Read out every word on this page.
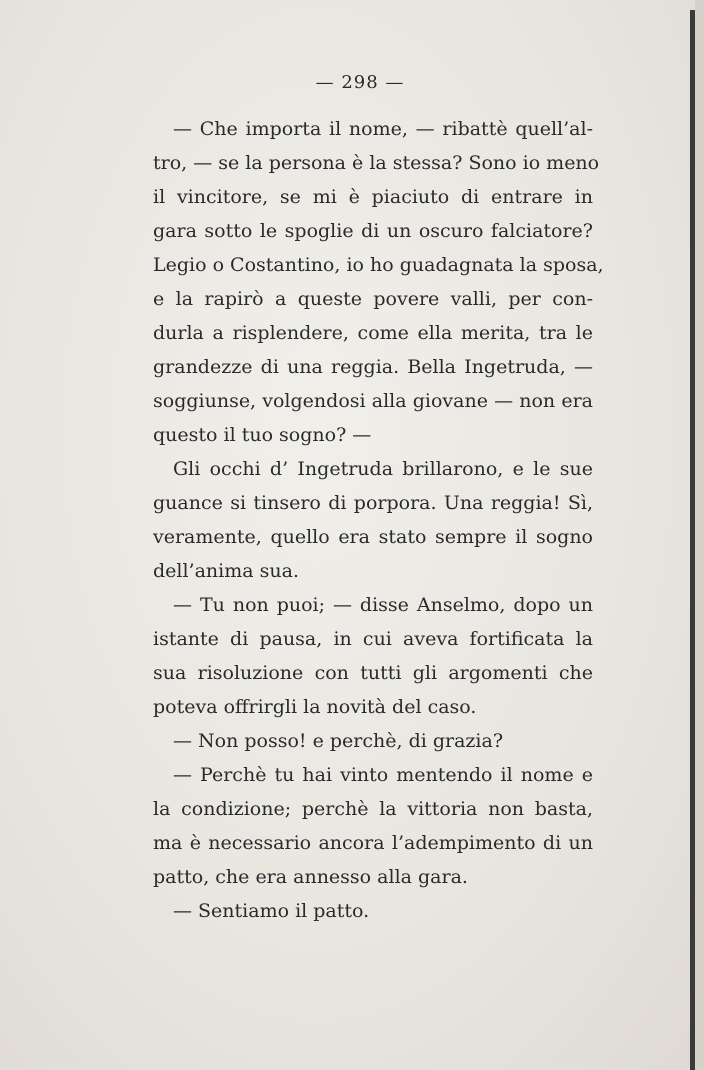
— 298 —
— Che importa il nome, — ribattè quell’al-
tro, — se la persona è la stessa? Sono io meno
il vincitore, se mi è piaciuto di entrare in
gara sotto le spoglie di un oscuro falciatore?
Legio o Costantino, io ho guadagnata la sposa,
e la rapirò a queste povere valli, per con-
durla a risplendere, come ella merita, tra le
grandezze di una reggia. Bella Ingetruda, —
soggiunse, volgendosi alla giovane — non era
questo il tuo sogno? —
Gli occhi d’ Ingetruda brillarono, e le sue
guance si tinsero di porpora. Una reggia! Sì,
veramente, quello era stato sempre il sogno
dell’anima sua.
— Tu non puoi; — disse Anselmo, dopo un
istante di pausa, in cui aveva fortificata la
sua risoluzione con tutti gli argomenti che
poteva offrirgli la novità del caso.
— Non posso! e perchè, di grazia?
— Perchè tu hai vinto mentendo il nome e
la condizione; perchè la vittoria non basta,
ma è necessario ancora l’adempimento di un
patto, che era annesso alla gara.
— Sentiamo il patto.
